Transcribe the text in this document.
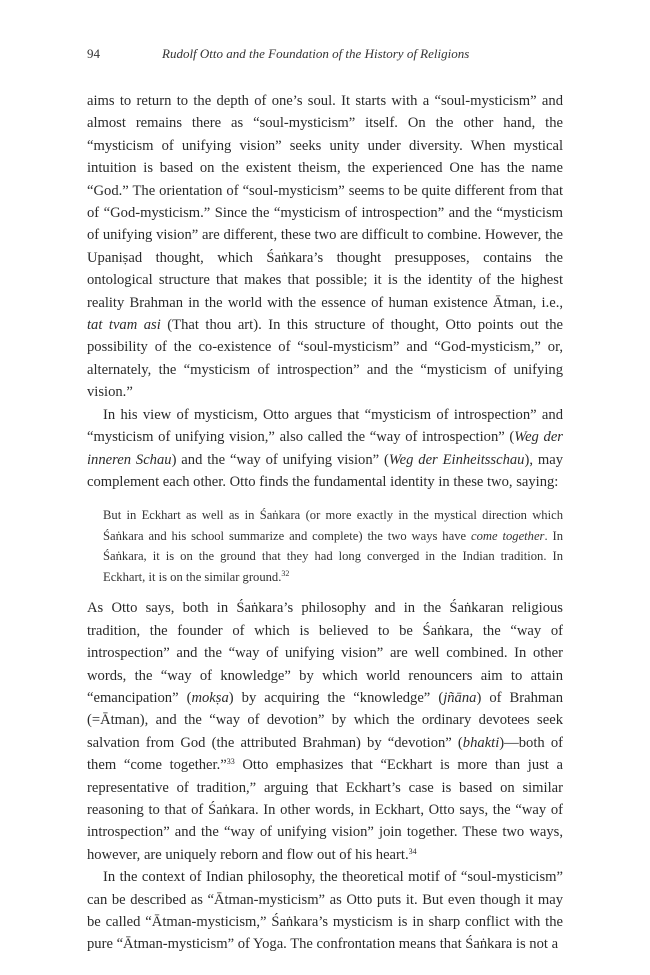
94	Rudolf Otto and the Foundation of the History of Religions

aims to return to the depth of one’s soul. It starts with a “soul-mysticism” and almost remains there as “soul-mysticism” itself. On the other hand, the “mysticism of unifying vision” seeks unity under diversity. When mystical intuition is based on the existent theism, the experienced One has the name “God.” The orientation of “soul-mysticism” seems to be quite different from that of “God-mysticism.” Since the “mysticism of introspection” and the “mysticism of unifying vision” are different, these two are difficult to combine. However, the Upaniṣad thought, which Śaṅkara’s thought presupposes, contains the ontological structure that makes that possible; it is the identity of the highest reality Brahman in the world with the essence of human existence Ātman, i.e., tat tvam asi (That thou art). In this structure of thought, Otto points out the possibility of the co-existence of “soul-mysticism” and “God-mysticism,” or, alternately, the “mysticism of introspection” and the “mysticism of unifying vision.”

In his view of mysticism, Otto argues that “mysticism of introspection” and “mysticism of unifying vision,” also called the “way of introspection” (Weg der inneren Schau) and the “way of unifying vision” (Weg der Einheitsschau), may complement each other. Otto finds the fundamental identity in these two, saying:

But in Eckhart as well as in Śaṅkara (or more exactly in the mystical direction which Śaṅkara and his school summarize and complete) the two ways have come together. In Śaṅkara, it is on the ground that they had long converged in the Indian tradition. In Eckhart, it is on the similar ground.$^{32}$

As Otto says, both in Śaṅkara’s philosophy and in the Śaṅkaran religious tradition, the founder of which is believed to be Śaṅkara, the “way of introspection” and the “way of unifying vision” are well combined. In other words, the “way of knowledge” by which world renouncers aim to attain “emancipation” (mokṣa) by acquiring the “knowledge” (jñāna) of Brahman (=Ātman), and the “way of devotion” by which the ordinary devotees seek salvation from God (the attributed Brahman) by “devotion” (bhakti)—both of them “come together.”$^{33}$ Otto emphasizes that “Eckhart is more than just a representative of tradition,” arguing that Eckhart’s case is based on similar reasoning to that of Śaṅkara. In other words, in Eckhart, Otto says, the “way of introspection” and the “way of unifying vision” join together. These two ways, however, are uniquely reborn and flow out of his heart.$^{34}$

In the context of Indian philosophy, the theoretical motif of “soul-mysticism” can be described as “Ātman-mysticism” as Otto puts it. But even though it may be called “Ātman-mysticism,” Śaṅkara’s mysticism is in sharp conflict with the pure “Ātman-mysticism” of Yoga. The confrontation means that Śaṅkara is not a
